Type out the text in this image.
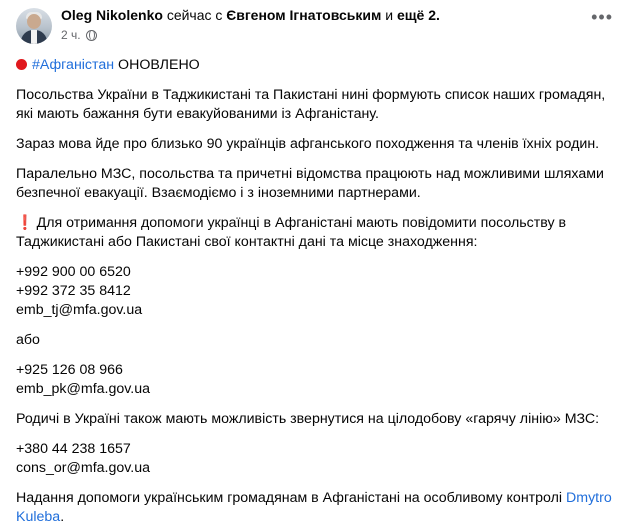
Oleg Nikolenko сейчас с Євгеном Ігнатовським и ещё 2.
2 ч.
•••

#Афганістан ОНОВЛЕНО

Посольства України в Таджикистані та Пакистані нині формують список наших громадян, які мають бажання бути евакуйованими із Афганістану.

Зараз мова йде про близько 90 українців афганського походження та членів їхніх родин.

Паралельно МЗС, посольства та причетні відомства працюють над можливими шляхами безпечної евакуації. Взаємодіємо і з іноземними партнерами.

❗ Для отримання допомоги українці в Афганістані мають повідомити посольству в Таджикистані або Пакистані свої контактні дані та місце знаходження:

+992 900 00 6520
+992 372 35 8412
emb_tj@mfa.gov.ua

або

+925 126 08 966
emb_pk@mfa.gov.ua

Родичі в Україні також мають можливість звернутися на цілодобову «гарячу лінію» МЗС:

+380 44 238 1657
cons_or@mfa.gov.ua

Надання допомоги українським громадянам в Афганістані на особливому контролі Dmytro Kuleba.
